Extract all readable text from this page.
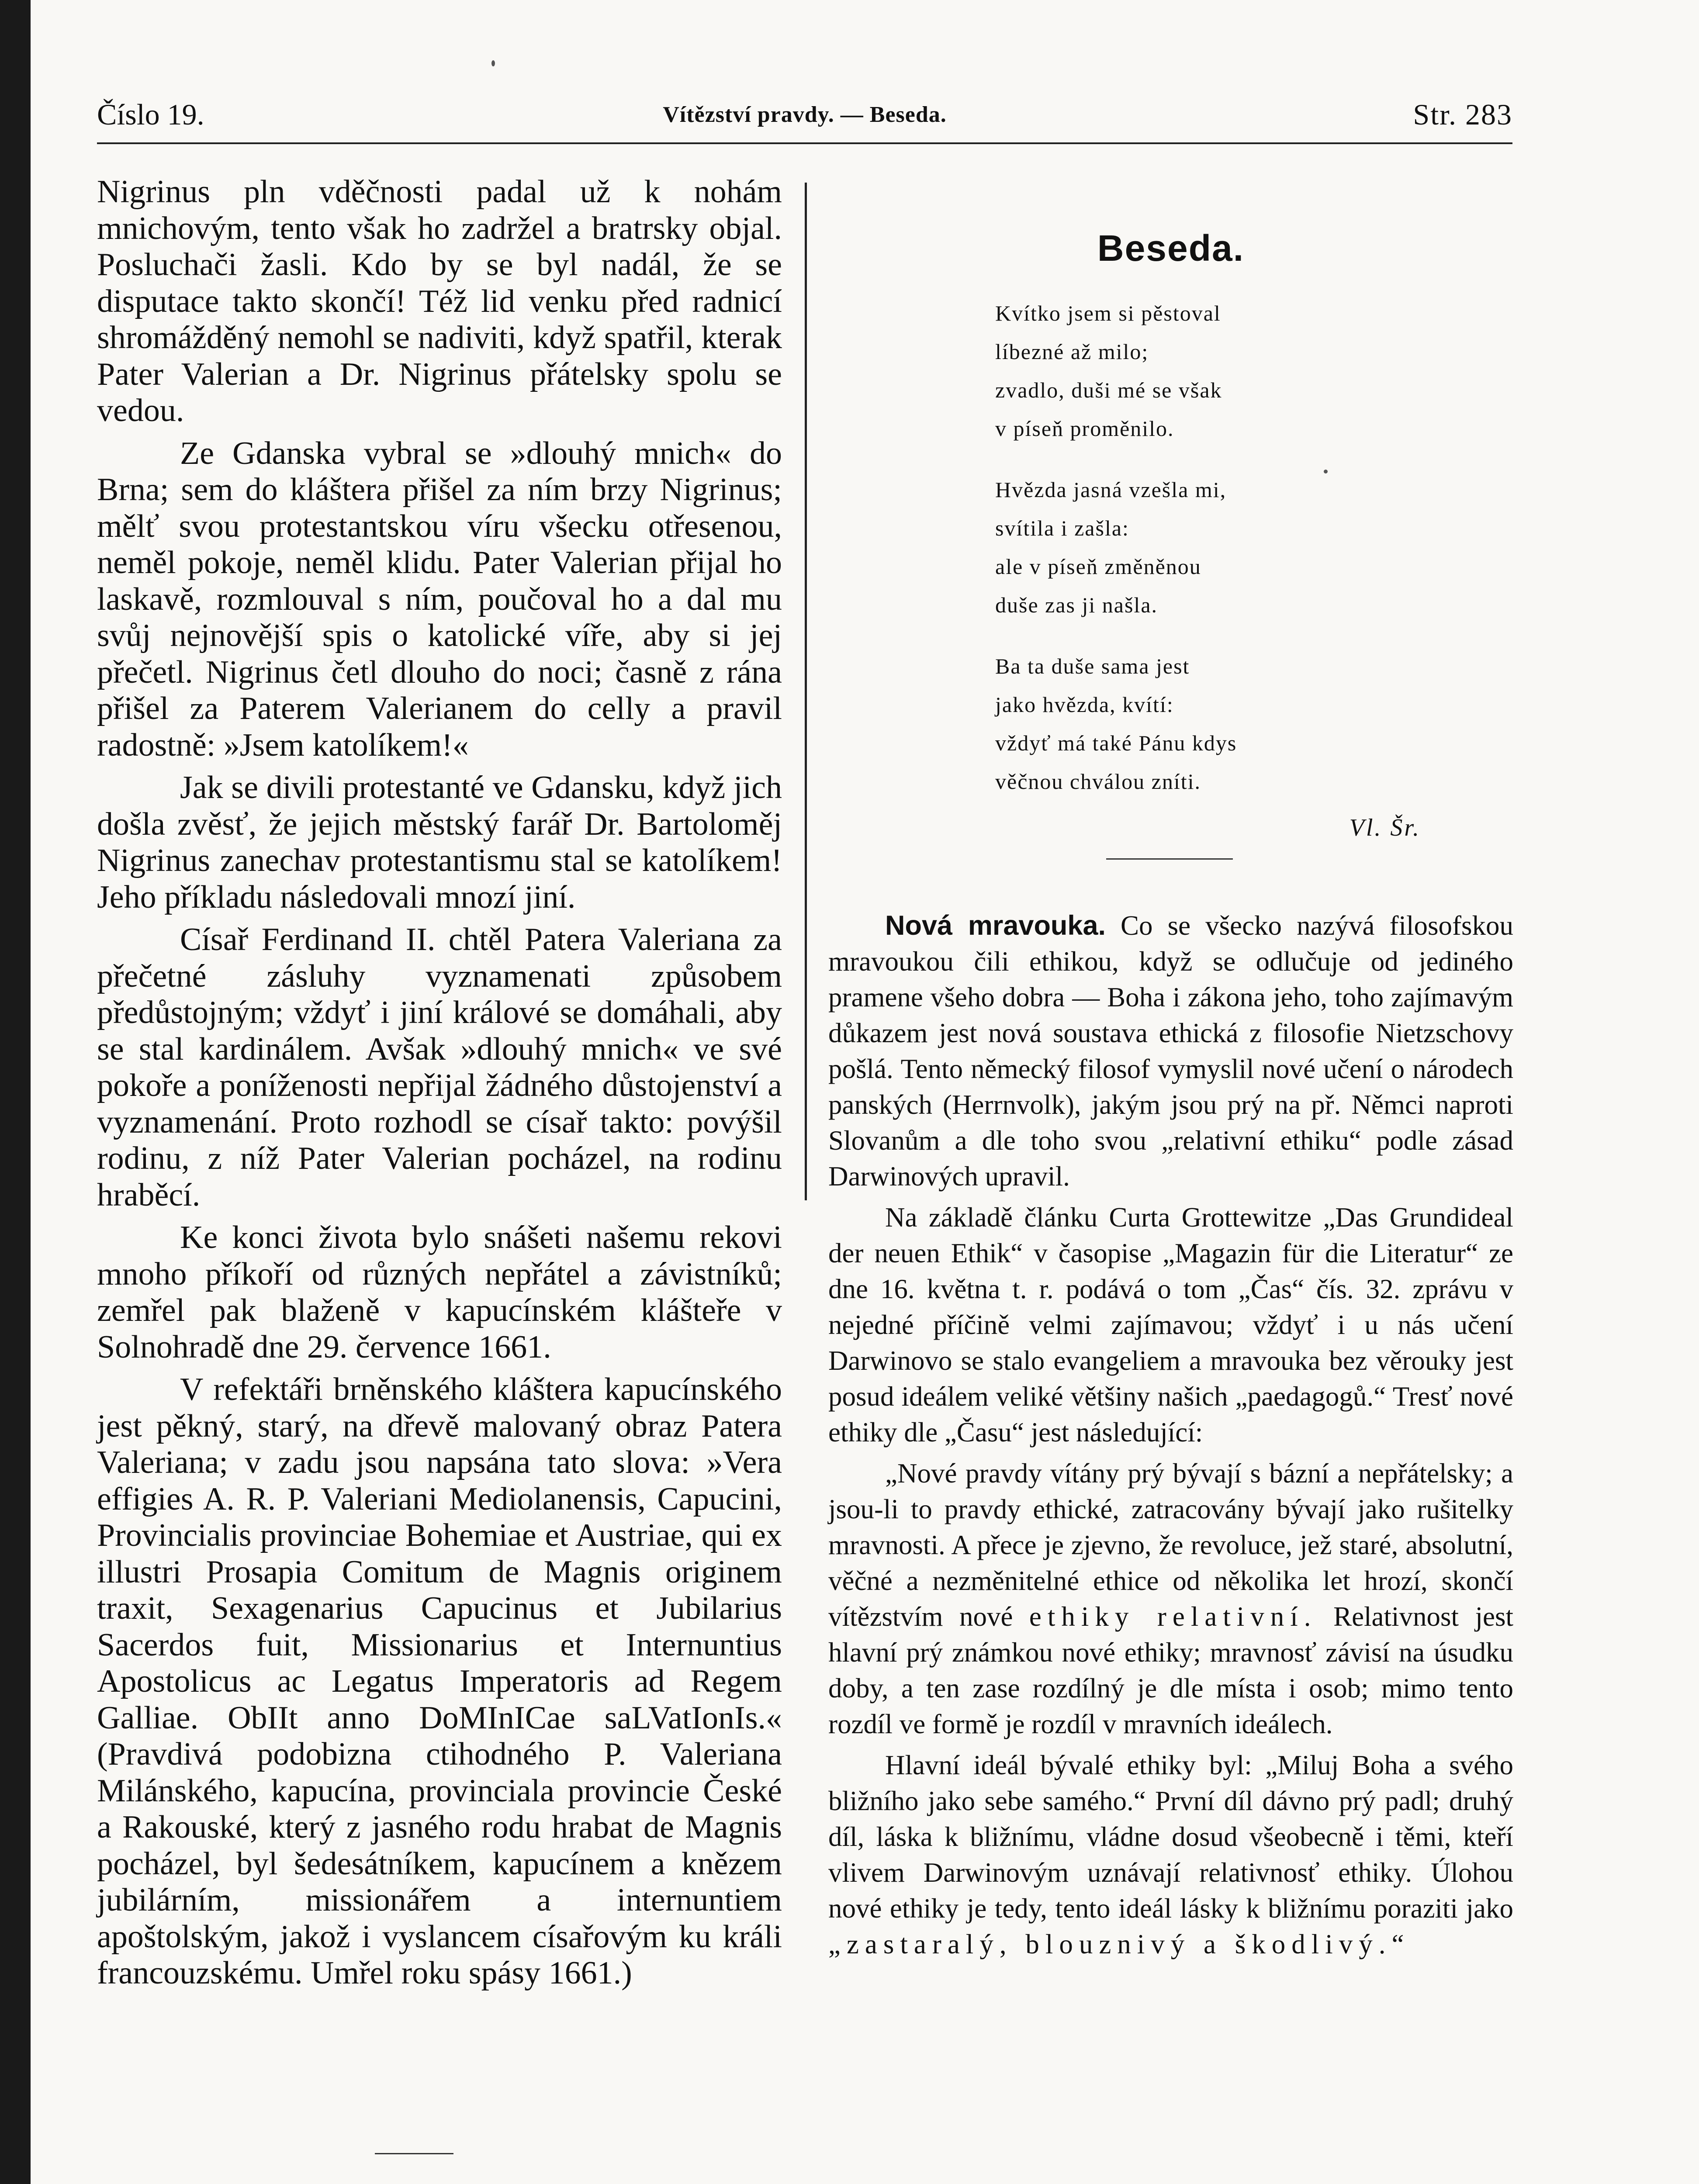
Číslo 19.	Vítězství pravdy. — Beseda.	Str. 283

Nigrinus pln vděčnosti padal už k nohám mnichovým, tento však ho zadržel a bratrsky objal. Posluchači žasli. Kdo by se byl nadál, že se disputace takto skončí! Též lid venku před radnicí shromážděný nemohl se nadiviti, když spatřil, kterak Pater Valerian a Dr. Nigrinus přátelsky spolu se vedou.

Ze Gdanska vybral se »dlouhý mnich« do Brna; sem do kláštera přišel za ním brzy Nigrinus; mělť svou protestantskou víru všecku otřesenou, neměl pokoje, neměl klidu. Pater Valerian přijal ho laskavě, rozmlouval s ním, poučoval ho a dal mu svůj nejnovější spis o katolické víře, aby si jej přečetl. Nigrinus četl dlouho do noci; časně z rána přišel za Paterem Valerianem do celly a pravil radostně: »Jsem katolíkem!«

Jak se divili protestanté ve Gdansku, když jich došla zvěsť, že jejich městský farář Dr. Bartoloměj Nigrinus zanechav protestantismu stal se katolíkem! Jeho příkladu následovali mnozí jiní.

Císař Ferdinand II. chtěl Patera Valeriana za přečetné zásluhy vyznamenati způsobem předůstojným; vždyť i jiní králové se domáhali, aby se stal kardinálem. Avšak »dlouhý mnich« ve své pokoře a poníženosti nepřijal žádného důstojenství a vyznamenání. Proto rozhodl se císař takto: povýšil rodinu, z níž Pater Valerian pocházel, na rodinu hraběcí.

Ke konci života bylo snášeti našemu rekovi mnoho příkoří od různých nepřátel a závistníků; zemřel pak blaženě v kapucínském klášteře v Solnohradě dne 29. července 1661.

V refektáři brněnského kláštera kapucínského jest pěkný, starý, na dřevě malovaný obraz Patera Valeriana; v zadu jsou napsána tato slova: »Vera effigies A. R. P. Valeriani Mediolanensis, Capucini, Provincialis provinciae Bohemiae et Austriae, qui ex illustri Prosapia Comitum de Magnis originem traxit, Sexagenarius Capucinus et Jubilarius Sacerdos fuit, Missionarius et Internuntius Apostolicus ac Legatus Imperatoris ad Regem Galliae. ObIIt anno DoMInICae saLVatIonIs.« (Pravdivá podobizna ctihodného P. Valeriana Milánského, kapucína, provinciala provincie České a Rakouské, který z jasného rodu hrabat de Magnis pocházel, byl šedesátníkem, kapucínem a knězem jubilárním, missionářem a internuntiem apoštolským, jakož i vyslancem císařovým ku králi francouzskému. Umřel roku spásy 1661.)

Beseda.
Kvítko jsem si pěstoval
líbezné až milo;
zvadlo, duši mé se však
v píseň proměnilo.
Hvězda jasná vzešla mi,
svítila i zašla:
ale v píseň změněnou
duše zas ji našla.
Ba ta duše sama jest
jako hvězda, kvítí:
vždyť má také Pánu kdys
věčnou chválou zníti.
Vl. Šr.

Nová mravouka. Co se všecko nazývá filosofskou mravoukou čili ethikou, když se odlučuje od jediného pramene všeho dobra — Boha i zákona jeho, toho zajímavým důkazem jest nová soustava ethická z filosofie Nietzschovy pošlá. Tento německý filosof vymyslil nové učení o národech panských (Herrnvolk), jakým jsou prý na př. Němci naproti Slovanům a dle toho svou „relativní ethiku“ podle zásad Darwinových upravil.

Na základě článku Curta Grottewitze „Das Grundideal der neuen Ethik“ v časopise „Magazin für die Literatur“ ze dne 16. května t. r. podává o tom „Čas“ čís. 32. zprávu v nejedné příčině velmi zajímavou; vždyť i u nás učení Darwinovo se stalo evangeliem a mravouka bez věrouky jest posud ideálem veliké většiny našich „paedagogů.“ Tresť nové ethiky dle „Času“ jest následující:

„Nové pravdy vítány prý bývají s bázní a nepřátelsky; a jsou-li to pravdy ethické, zatracovány bývají jako rušitelky mravnosti. A přece je zjevno, že revoluce, jež staré, absolutní, věčné a nezměnitelné ethice od několika let hrozí, skončí vítězstvím nové ethiky relativní. Relativnost jest hlavní prý známkou nové ethiky; mravnosť závisí na úsudku doby, a ten zase rozdílný je dle místa i osob; mimo tento rozdíl ve formě je rozdíl v mravních ideálech.

Hlavní ideál bývalé ethiky byl: „Miluj Boha a svého bližního jako sebe samého.“ První díl dávno prý padl; druhý díl, láska k bližnímu, vládne dosud všeobecně i těmi, kteří vlivem Darwinovým uznávají relativnosť ethiky. Úlohou nové ethiky je tedy, tento ideál lásky k bližnímu poraziti jako „zastaralý, blouznivý a škodlivý.“
